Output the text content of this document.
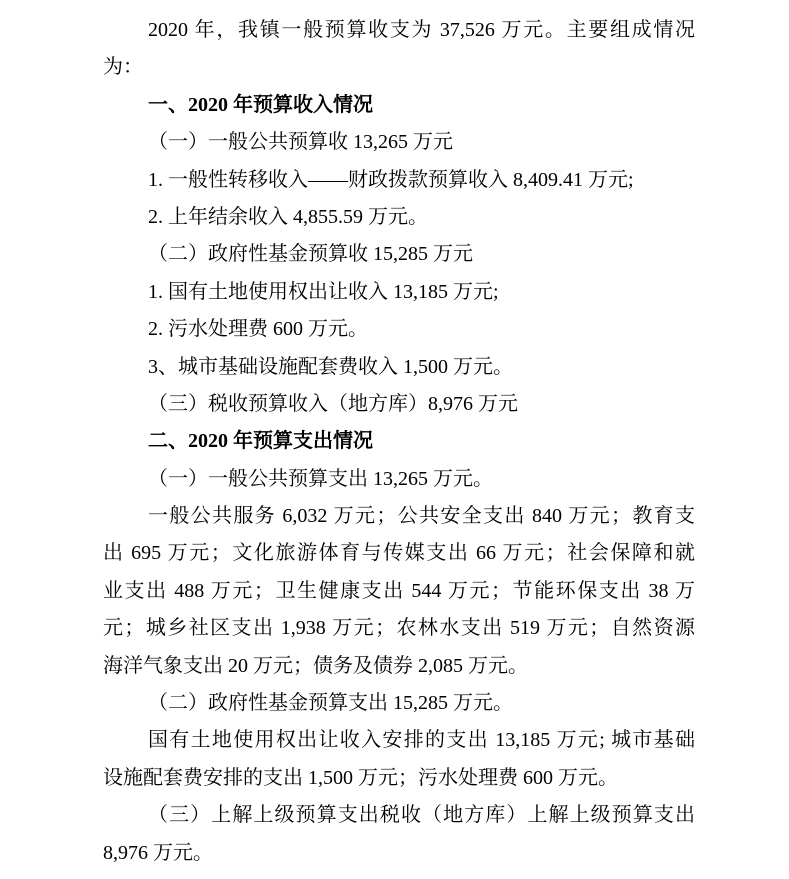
2020 年，我镇一般预算收支为 37,526 万元。主要组成情况
为：
一、2020 年预算收入情况
（一）一般公共预算收 13,265 万元
1. 一般性转移收入——财政拨款预算收入 8,409.41 万元;
2. 上年结余收入 4,855.59 万元。
（二）政府性基金预算收 15,285 万元
1. 国有土地使用权出让收入 13,185 万元;
2. 污水处理费 600 万元。
3、城市基础设施配套费收入 1,500 万元。
（三）税收预算收入（地方库）8,976 万元
二、2020 年预算支出情况
（一）一般公共预算支出 13,265 万元。
一般公共服务 6,032 万元；公共安全支出 840 万元；教育支
出 695 万元；文化旅游体育与传媒支出 66 万元；社会保障和就
业支出 488 万元；卫生健康支出 544 万元；节能环保支出 38 万
元；城乡社区支出 1,938 万元；农林水支出 519 万元；自然资源
海洋气象支出 20 万元；债务及债券 2,085 万元。
（二）政府性基金预算支出 15,285 万元。
国有土地使用权出让收入安排的支出 13,185 万元; 城市基础
设施配套费安排的支出 1,500 万元；污水处理费 600 万元。
（三）上解上级预算支出税收（地方库）上解上级预算支出
8,976 万元。
